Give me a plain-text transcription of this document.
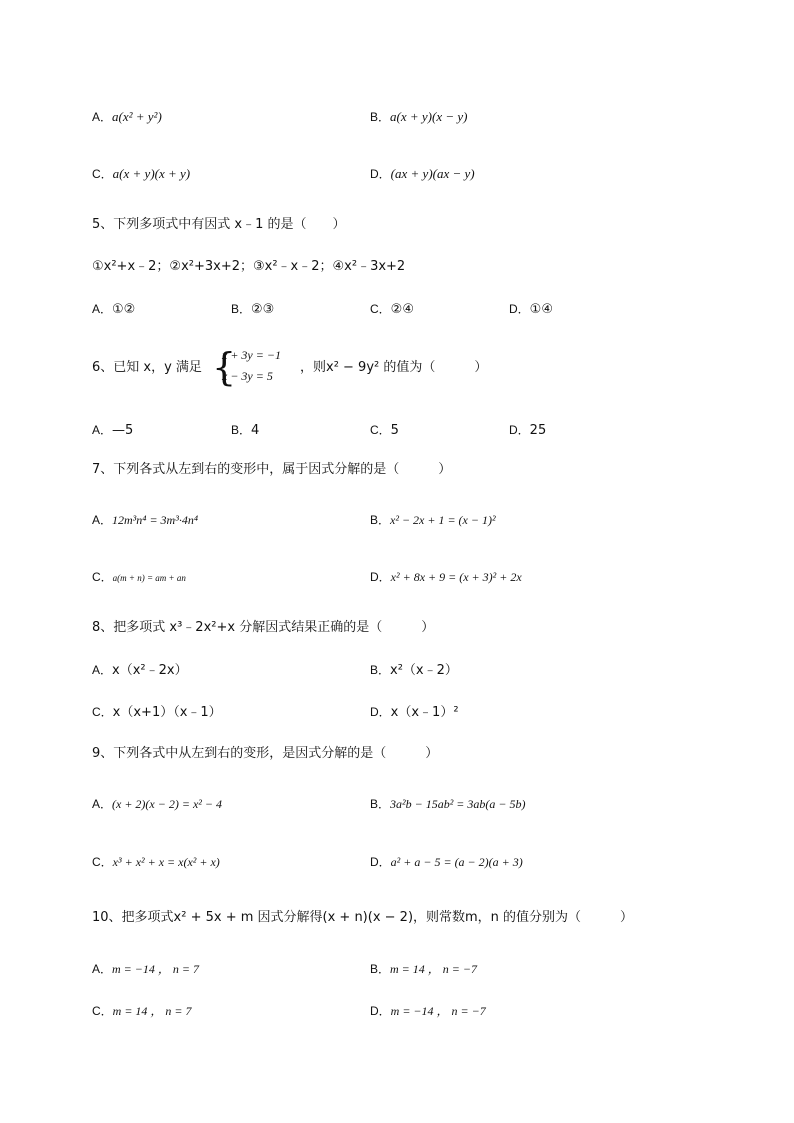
A．a(x² + y²)	B．a(x + y)(x − y)
C．a(x + y)(x + y)	D．(ax + y)(ax − y)
5、下列多项式中有因式 x﹣1 的是（　　）
①x²+x﹣2；②x²+3x+2；③x²﹣x﹣2；④x²﹣3x+2
A．①②	B．②③	C．②④	D．①④
6、已知 x，y 满足 {
x + 3y = −1
x − 3y = 5
，则x² − 9y² 的值为（　　　）
A．—5	B．4	C．5	D．25
7、下列各式从左到右的变形中，属于因式分解的是（　　　）
A．12m³n⁴ = 3m³·4n⁴	B．x² − 2x + 1 = (x − 1)²
C．a(m + n) = am + an	D．x² + 8x + 9 = (x + 3)² + 2x
8、把多项式 x³﹣2x²+x 分解因式结果正确的是（　　　）
A．x（x²﹣2x）	B．x²（x﹣2）
C．x（x+1）（x﹣1）	D．x（x﹣1）²
9、下列各式中从左到右的变形，是因式分解的是（　　　）
A．(x + 2)(x − 2) = x² − 4	B．3a²b − 15ab² = 3ab(a − 5b)
C．x³ + x² + x = x(x² + x)	D．a² + a − 5 = (a − 2)(a + 3)
10、把多项式x² + 5x + m 因式分解得(x + n)(x − 2)，则常数m，n 的值分别为（　　　）
A．m = −14 ， n = 7	B．m = 14 ， n = −7
C．m = 14 ， n = 7	D．m = −14 ， n = −7
